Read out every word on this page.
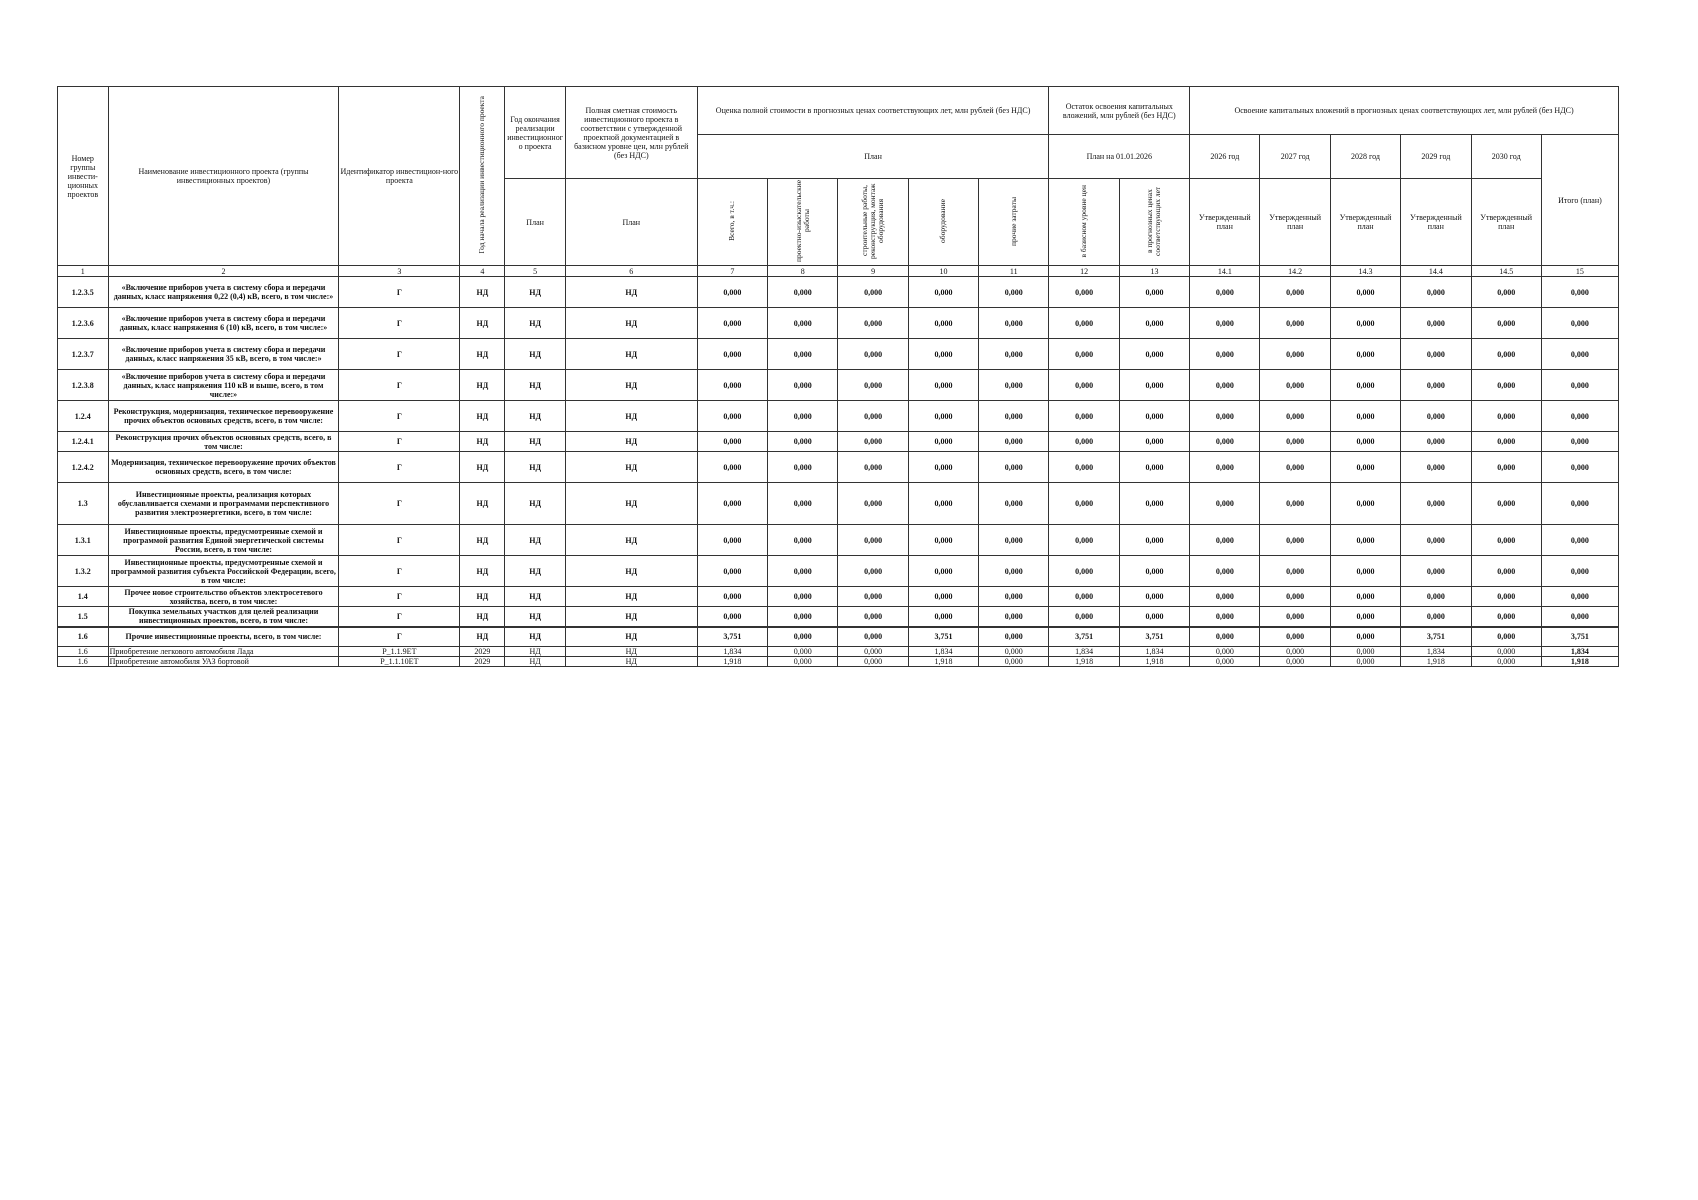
Номер группы инвести-ционных проектов	Наименование инвестиционного проекта (группы инвестиционных проектов)	Идентификатор инвестицион-ного проекта	Год начала реализации инвестиционного проекта	Год окончания реализации инвестиционного проекта	Полная сметная стоимость инвестиционного проекта в соответствии с утвержденной проектной документацией в базисном уровне цен, млн рублей (без НДС)	Оценка полной стоимости в прогнозных ценах соответствующих лет, млн рублей (без НДС)					Остаток освоения капитальных вложений, млн рублей (без НДС)		Освоение капитальных вложений в прогнозных ценах соответствующих лет, млн рублей (без НДС)					
						План					План на 01.01.2026		2026 год	2027 год	2028 год	2029 год	2030 год	Итого (план)
				План	План	Всего, в т.ч.:	проектно-изыскательские работы	строительные работы, реконструкция, монтаж оборудования	оборудование	прочие затраты	в базисном уровне цен	в прогнозных ценах соответствующих лет	Утвержденный план	Утвержденный план	Утвержденный план	Утвержденный план	Утвержденный план	
1	2	3	4	5	6	7	8	9	10	11	12	13	14.1	14.2	14.3	14.4	14.5	15
1.2.3.5	«Включение приборов учета в систему сбора и передачи данных, класс напряжения 0,22 (0,4) кВ, всего, в том числе:»	Г	НД	НД	НД	0,000	0,000	0,000	0,000	0,000	0,000	0,000	0,000	0,000	0,000	0,000	0,000	0,000
1.2.3.6	«Включение приборов учета в систему сбора и передачи данных, класс напряжения 6 (10) кВ, всего, в том числе:»	Г	НД	НД	НД	0,000	0,000	0,000	0,000	0,000	0,000	0,000	0,000	0,000	0,000	0,000	0,000	0,000
1.2.3.7	«Включение приборов учета в систему сбора и передачи данных, класс напряжения 35 кВ, всего, в том числе:»	Г	НД	НД	НД	0,000	0,000	0,000	0,000	0,000	0,000	0,000	0,000	0,000	0,000	0,000	0,000	0,000
1.2.3.8	«Включение приборов учета в систему сбора и передачи данных, класс напряжения 110 кВ и выше, всего, в том числе:»	Г	НД	НД	НД	0,000	0,000	0,000	0,000	0,000	0,000	0,000	0,000	0,000	0,000	0,000	0,000	0,000
1.2.4	Реконструкция, модернизация, техническое перевооружение прочих объектов основных средств, всего, в том числе:	Г	НД	НД	НД	0,000	0,000	0,000	0,000	0,000	0,000	0,000	0,000	0,000	0,000	0,000	0,000	0,000
1.2.4.1	Реконструкция прочих объектов основных средств, всего, в том числе:	Г	НД	НД	НД	0,000	0,000	0,000	0,000	0,000	0,000	0,000	0,000	0,000	0,000	0,000	0,000	0,000
1.2.4.2	Модернизация, техническое перевооружение прочих объектов основных средств, всего, в том числе:	Г	НД	НД	НД	0,000	0,000	0,000	0,000	0,000	0,000	0,000	0,000	0,000	0,000	0,000	0,000	0,000
1.3	Инвестиционные проекты, реализация которых обуславливается схемами и программами перспективного развития электроэнергетики, всего, в том числе:	Г	НД	НД	НД	0,000	0,000	0,000	0,000	0,000	0,000	0,000	0,000	0,000	0,000	0,000	0,000	0,000
1.3.1	Инвестиционные проекты, предусмотренные схемой и программой развития Единой энергетической системы России, всего, в том числе:	Г	НД	НД	НД	0,000	0,000	0,000	0,000	0,000	0,000	0,000	0,000	0,000	0,000	0,000	0,000	0,000
1.3.2	Инвестиционные проекты, предусмотренные схемой и программой развития субъекта Российской Федерации, всего, в том числе:	Г	НД	НД	НД	0,000	0,000	0,000	0,000	0,000	0,000	0,000	0,000	0,000	0,000	0,000	0,000	0,000
1.4	Прочее новое строительство объектов электросетевого хозяйства, всего, в том числе:	Г	НД	НД	НД	0,000	0,000	0,000	0,000	0,000	0,000	0,000	0,000	0,000	0,000	0,000	0,000	0,000
1.5	Покупка земельных участков для целей реализации инвестиционных проектов, всего, в том числе:	Г	НД	НД	НД	0,000	0,000	0,000	0,000	0,000	0,000	0,000	0,000	0,000	0,000	0,000	0,000	0,000
1.6	Прочие инвестиционные проекты, всего, в том числе:	Г	НД	НД	НД	3,751	0,000	0,000	3,751	0,000	3,751	3,751	0,000	0,000	0,000	3,751	0,000	3,751
1.6	Приобретение легкового автомобиля Лада	Р_1.1.9ЕТ	2029	НД	НД	1,834	0,000	0,000	1,834	0,000	1,834	1,834	0,000	0,000	0,000	1,834	0,000	1,834
1.6	Приобретение автомобиля УАЗ бортовой	Р_1.1.10ЕТ	2029	НД	НД	1,918	0,000	0,000	1,918	0,000	1,918	1,918	0,000	0,000	0,000	1,918	0,000	1,918
